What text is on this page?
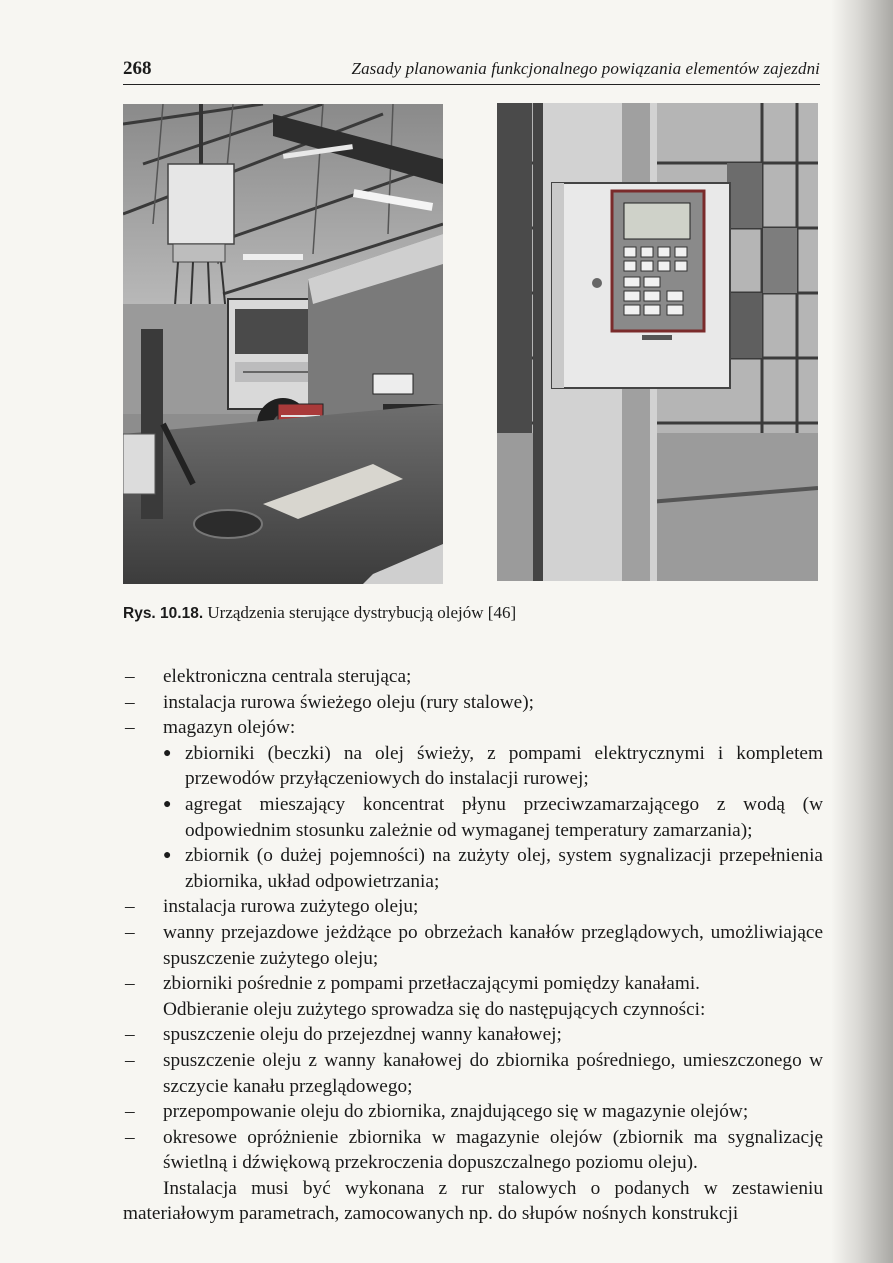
268	Zasady planowania funkcjonalnego powiązania elementów zajezdni
Rys. 10.18. Urządzenia sterujące dystrybucją olejów [46]
– elektroniczna centrala sterująca;
– instalacja rurowa świeżego oleju (rury stalowe);
– magazyn olejów:
● zbiorniki (beczki) na olej świeży, z pompami elektrycznymi i kompletem przewodów przyłączeniowych do instalacji rurowej;
● agregat mieszający koncentrat płynu przeciwzamarzającego z wodą (w odpowiednim stosunku zależnie od wymaganej temperatury zamarzania);
● zbiornik (o dużej pojemności) na zużyty olej, system sygnalizacji przepełnienia zbiornika, układ odpowietrzania;
– instalacja rurowa zużytego oleju;
– wanny przejazdowe jeżdżące po obrzeżach kanałów przeglądowych, umożliwiające spuszczenie zużytego oleju;
– zbiorniki pośrednie z pompami przetłaczającymi pomiędzy kanałami.
Odbieranie oleju zużytego sprowadza się do następujących czynności:
– spuszczenie oleju do przejezdnej wanny kanałowej;
– spuszczenie oleju z wanny kanałowej do zbiornika pośredniego, umieszczonego w szczycie kanału przeglądowego;
– przepompowanie oleju do zbiornika, znajdującego się w magazynie olejów;
– okresowe opróżnienie zbiornika w magazynie olejów (zbiornik ma sygnalizację świetlną i dźwiękową przekroczenia dopuszczalnego poziomu oleju).
Instalacja musi być wykonana z rur stalowych o podanych w zestawieniu materiałowym parametrach, zamocowanych np. do słupów nośnych konstrukcji
